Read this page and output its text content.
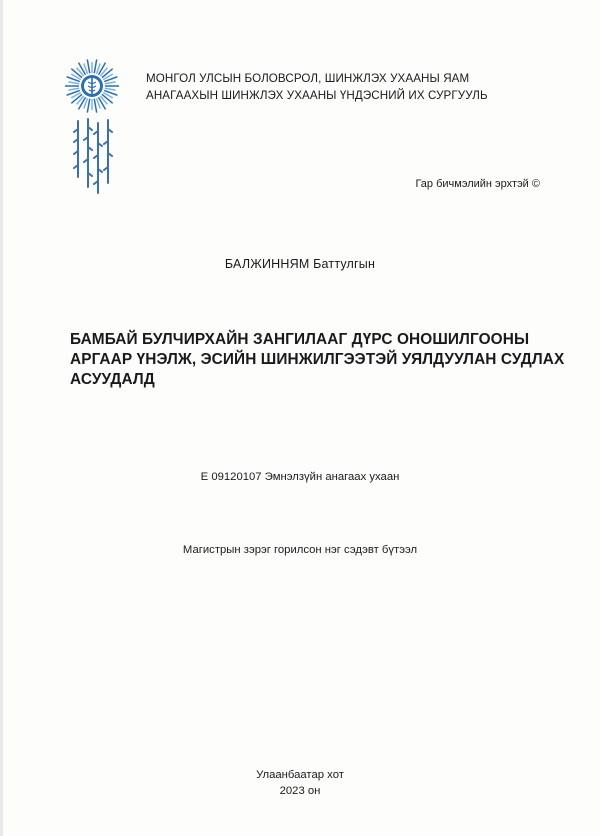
МОНГОЛ УЛСЫН БОЛОВСРОЛ, ШИНЖЛЭХ УХААНЫ ЯАМ
АНАГААХЫН ШИНЖЛЭХ УХААНЫ ҮНДЭСНИЙ ИХ СУРГУУЛЬ
Гар бичмэлийн эрхтэй ©
БАЛЖИННЯМ Баттулгын
БАМБАЙ БУЛЧИРХАЙН ЗАНГИЛААГ ДҮРС ОНОШИЛГООНЫ
АРГААР ҮНЭЛЖ, ЭСИЙН ШИНЖИЛГЭЭТЭЙ УЯЛДУУЛАН СУДЛАХ
АСУУДАЛД
E 09120107 Эмнэлзүйн анагаах ухаан
Магистрын зэрэг горилсон нэг сэдэвт бүтээл
Улаанбаатар хот
2023 он
